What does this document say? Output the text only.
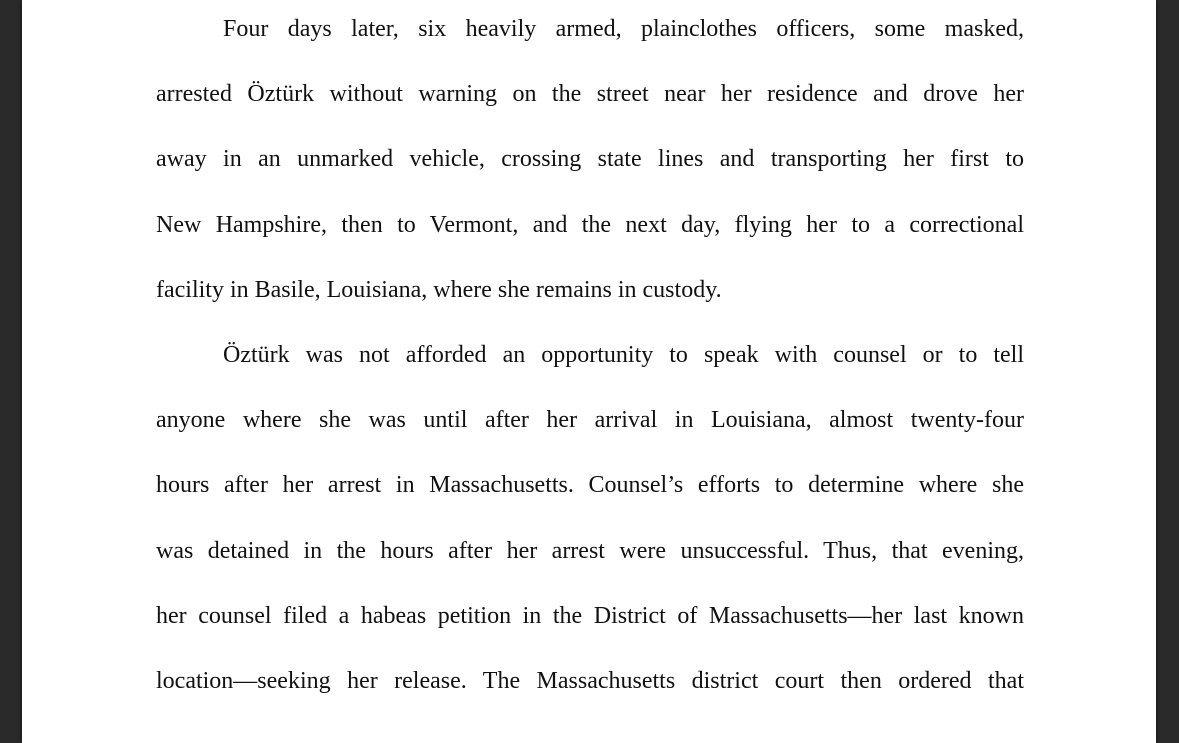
Four days later, six heavily armed, plainclothes officers, some masked,
arrested Öztürk without warning on the street near her residence and drove her
away in an unmarked vehicle, crossing state lines and transporting her first to
New Hampshire, then to Vermont, and the next day, flying her to a correctional
facility in Basile, Louisiana, where she remains in custody.
Öztürk was not afforded an opportunity to speak with counsel or to tell
anyone where she was until after her arrival in Louisiana, almost twenty-four
hours after her arrest in Massachusetts. Counsel’s efforts to determine where she
was detained in the hours after her arrest were unsuccessful. Thus, that evening,
her counsel filed a habeas petition in the District of Massachusetts—her last known
location—seeking her release. The Massachusetts district court then ordered that
